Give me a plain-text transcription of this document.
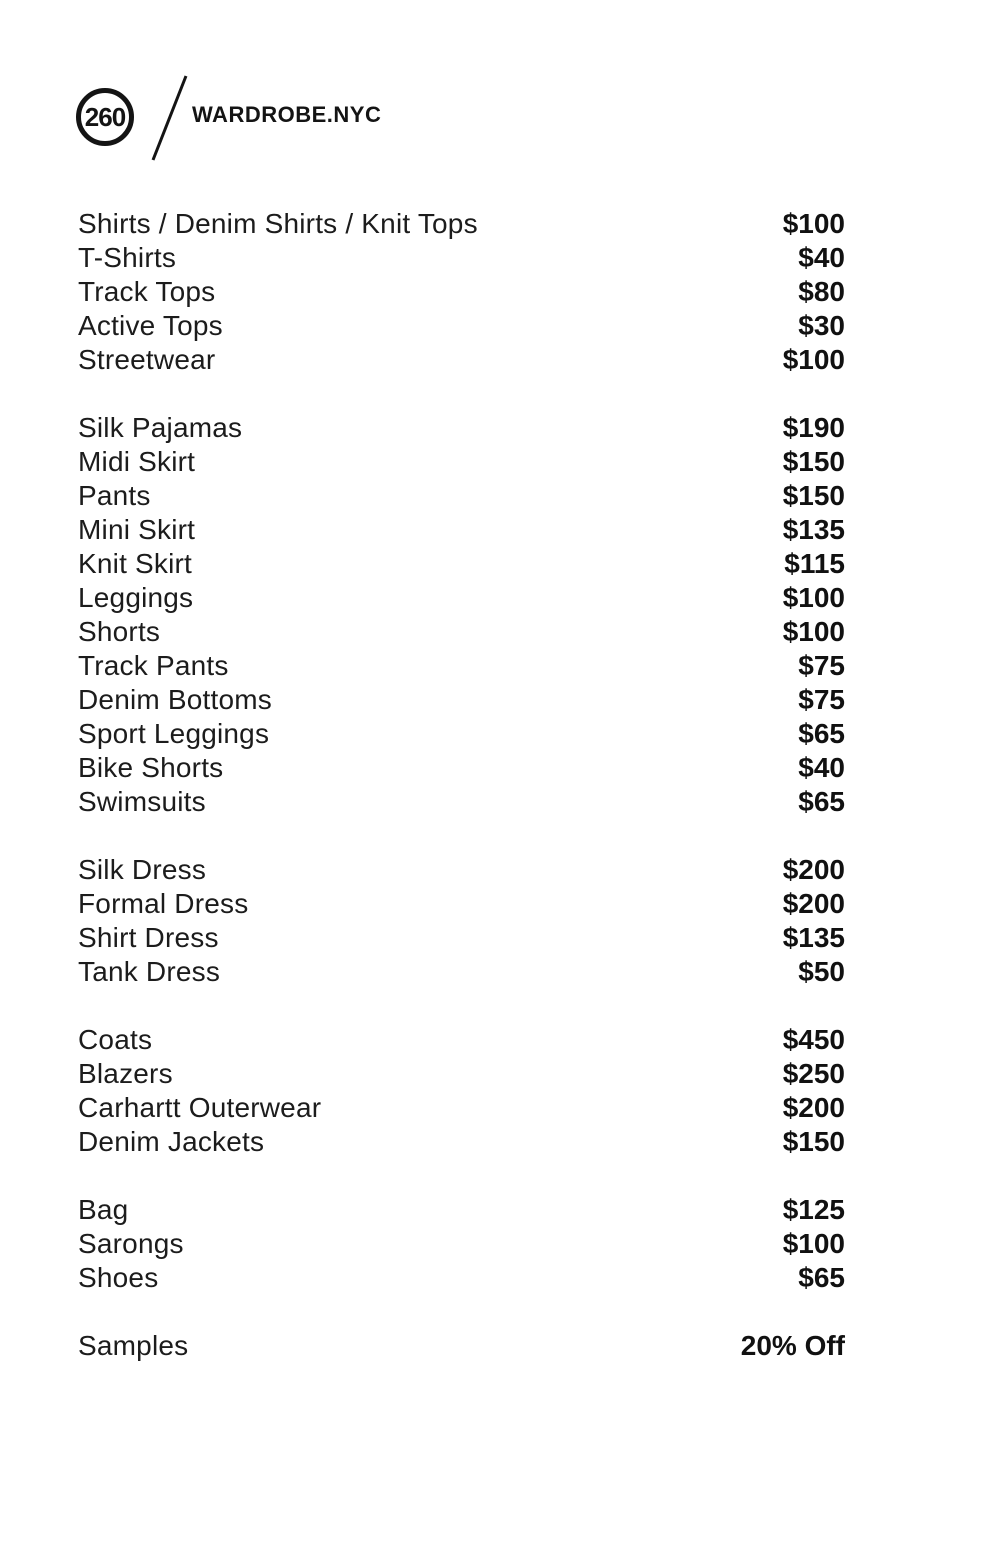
260	WARDROBE.NYC
Shirts / Denim Shirts / Knit Tops	$100
T-Shirts	$40
Track Tops	$80
Active Tops	$30
Streetwear	$100
Silk Pajamas	$190
Midi Skirt	$150
Pants	$150
Mini Skirt	$135
Knit Skirt	$115
Leggings	$100
Shorts	$100
Track Pants	$75
Denim Bottoms	$75
Sport Leggings	$65
Bike Shorts	$40
Swimsuits	$65
Silk Dress	$200
Formal Dress	$200
Shirt Dress	$135
Tank Dress	$50
Coats	$450
Blazers	$250
Carhartt Outerwear	$200
Denim Jackets	$150
Bag	$125
Sarongs	$100
Shoes	$65
Samples	20% Off
